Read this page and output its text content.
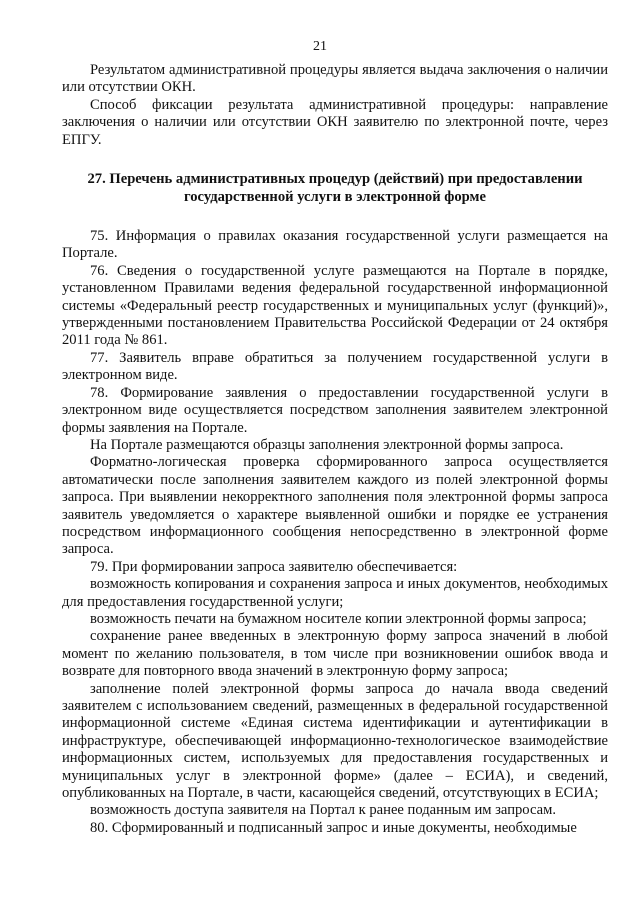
21

Результатом административной процедуры является выдача заключения о наличии или отсутствии ОКН.

Способ фиксации результата административной процедуры: направление заключения о наличии или отсутствии ОКН заявителю по электронной почте, через ЕПГУ.

27. Перечень административных процедур (действий) при предоставлении
государственной услуги в электронной форме

75. Информация о правилах оказания государственной услуги размещается на Портале.

76. Сведения о государственной услуге размещаются на Портале в порядке, установленном Правилами ведения федеральной государственной информационной системы «Федеральный реестр государственных и муниципальных услуг (функций)», утвержденными постановлением Правительства Российской Федерации от 24 октября 2011 года № 861.

77. Заявитель вправе обратиться за получением государственной услуги в электронном виде.

78. Формирование заявления о предоставлении государственной услуги в электронном виде осуществляется посредством заполнения заявителем электронной формы заявления на Портале.

На Портале размещаются образцы заполнения электронной формы запроса.

Форматно-логическая проверка сформированного запроса осуществляется автоматически после заполнения заявителем каждого из полей электронной формы запроса. При выявлении некорректного заполнения поля электронной формы запроса заявитель уведомляется о характере выявленной ошибки и порядке ее устранения посредством информационного сообщения непосредственно в электронной форме запроса.

79. При формировании запроса заявителю обеспечивается:

возможность копирования и сохранения запроса и иных документов, необходимых для предоставления государственной услуги;

возможность печати на бумажном носителе копии электронной формы запроса;

сохранение ранее введенных в электронную форму запроса значений в любой момент по желанию пользователя, в том числе при возникновении ошибок ввода и возврате для повторного ввода значений в электронную форму запроса;

заполнение полей электронной формы запроса до начала ввода сведений заявителем с использованием сведений, размещенных в федеральной государственной информационной системе «Единая система идентификации и аутентификации в инфраструктуре, обеспечивающей информационно-технологическое взаимодействие информационных систем, используемых для предоставления государственных и муниципальных услуг в электронной форме» (далее – ЕСИА), и сведений, опубликованных на Портале, в части, касающейся сведений, отсутствующих в ЕСИА;

возможность доступа заявителя на Портал к ранее поданным им запросам.

80. Сформированный и подписанный запрос и иные документы, необходимые
